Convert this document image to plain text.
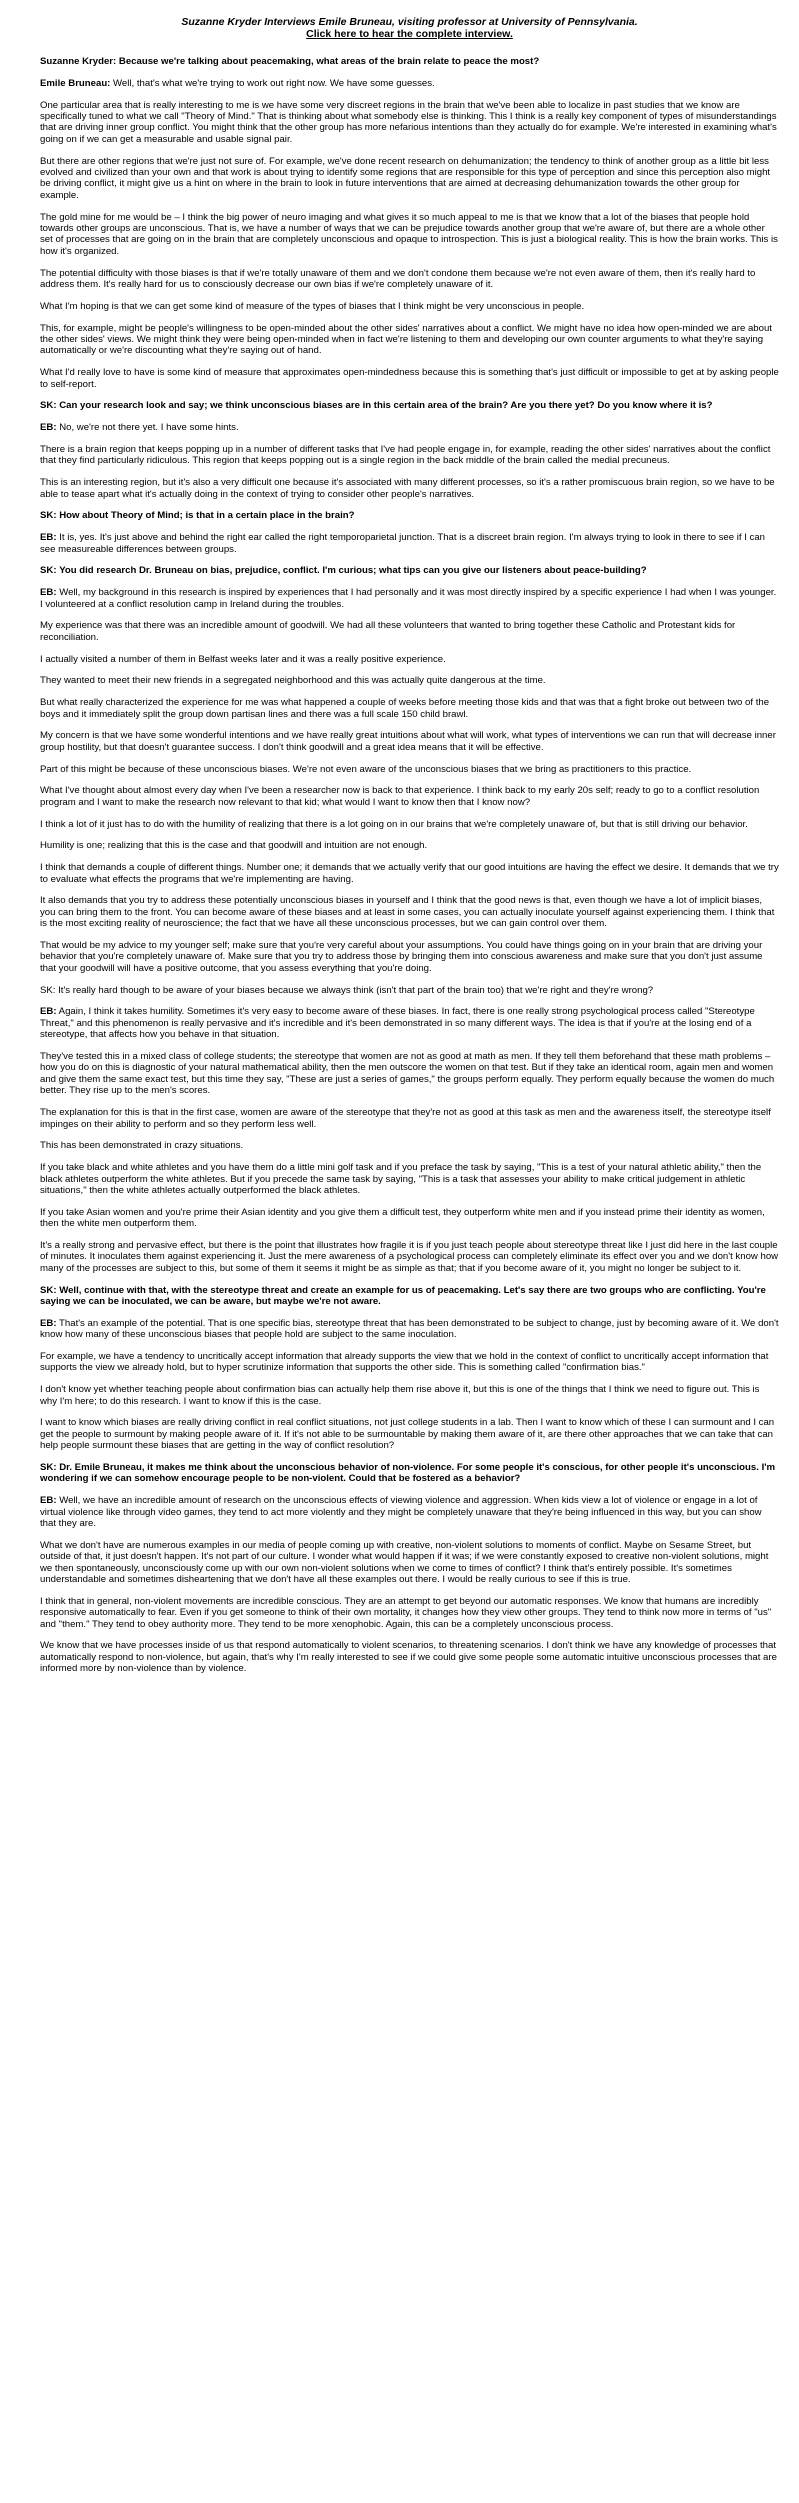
Suzanne Kryder Interviews Emile Bruneau, visiting professor at University of Pennsylvania.
Click here to hear the complete interview.

Suzanne Kryder: Because we're talking about peacemaking, what areas of the brain relate to peace the most?

Emile Bruneau: Well, that's what we're trying to work out right now. We have some guesses.

One particular area that is really interesting to me is we have some very discreet regions in the brain that we've been able to localize in past studies that we know are specifically tuned to what we call "Theory of Mind." That is thinking about what somebody else is thinking. This I think is a really key component of types of misunderstandings that are driving inner group conflict. You might think that the other group has more nefarious intentions than they actually do for example. We're interested in examining what's going on if we can get a measurable and usable signal pair.

But there are other regions that we're just not sure of. For example, we've done recent research on dehumanization; the tendency to think of another group as a little bit less evolved and civilized than your own and that work is about trying to identify some regions that are responsible for this type of perception and since this perception also might be driving conflict, it might give us a hint on where in the brain to look in future interventions that are aimed at decreasing dehumanization towards the other group for example.

The gold mine for me would be – I think the big power of neuro imaging and what gives it so much appeal to me is that we know that a lot of the biases that people hold towards other groups are unconscious. That is, we have a number of ways that we can be prejudice towards another group that we're aware of, but there are a whole other set of processes that are going on in the brain that are completely unconscious and opaque to introspection. This is just a biological reality. This is how the brain works. This is how it's organized.

The potential difficulty with those biases is that if we're totally unaware of them and we don't condone them because we're not even aware of them, then it's really hard to address them. It's really hard for us to consciously decrease our own bias if we're completely unaware of it.

What I'm hoping is that we can get some kind of measure of the types of biases that I think might be very unconscious in people.

This, for example, might be people's willingness to be open-minded about the other sides' narratives about a conflict. We might have no idea how open-minded we are about the other sides' views. We might think they were being open-minded when in fact we're listening to them and developing our own counter arguments to what they're saying automatically or we're discounting what they're saying out of hand.

What I'd really love to have is some kind of measure that approximates open-mindedness because this is something that's just difficult or impossible to get at by asking people to self-report.

SK: Can your research look and say; we think unconscious biases are in this certain area of the brain? Are you there yet? Do you know where it is?

EB: No, we're not there yet. I have some hints.

There is a brain region that keeps popping up in a number of different tasks that I've had people engage in, for example, reading the other sides' narratives about the conflict that they find particularly ridiculous. This region that keeps popping out is a single region in the back middle of the brain called the medial precuneus.

This is an interesting region, but it's also a very difficult one because it's associated with many different processes, so it's a rather promiscuous brain region, so we have to be able to tease apart what it's actually doing in the context of trying to consider other people's narratives.

SK: How about Theory of Mind; is that in a certain place in the brain?

EB: It is, yes. It's just above and behind the right ear called the right temporoparietal junction. That is a discreet brain region. I'm always trying to look in there to see if I can see measureable differences between groups.

SK: You did research Dr. Bruneau on bias, prejudice, conflict. I'm curious; what tips can you give our listeners about peace-building?

EB: Well, my background in this research is inspired by experiences that I had personally and it was most directly inspired by a specific experience I had when I was younger. I volunteered at a conflict resolution camp in Ireland during the troubles.

My experience was that there was an incredible amount of goodwill. We had all these volunteers that wanted to bring together these Catholic and Protestant kids for reconciliation.

I actually visited a number of them in Belfast weeks later and it was a really positive experience.

They wanted to meet their new friends in a segregated neighborhood and this was actually quite dangerous at the time.

But what really characterized the experience for me was what happened a couple of weeks before meeting those kids and that was that a fight broke out between two of the boys and it immediately split the group down partisan lines and there was a full scale 150 child brawl.

My concern is that we have some wonderful intentions and we have really great intuitions about what will work, what types of interventions we can run that will decrease inner group hostility, but that doesn't guarantee success. I don't think goodwill and a great idea means that it will be effective.

Part of this might be because of these unconscious biases. We're not even aware of the unconscious biases that we bring as practitioners to this practice.

What I've thought about almost every day when I've been a researcher now is back to that experience. I think back to my early 20s self; ready to go to a conflict resolution program and I want to make the research now relevant to that kid; what would I want to know then that I know now?

I think a lot of it just has to do with the humility of realizing that there is a lot going on in our brains that we're completely unaware of, but that is still driving our behavior.

Humility is one; realizing that this is the case and that goodwill and intuition are not enough.

I think that demands a couple of different things. Number one; it demands that we actually verify that our good intuitions are having the effect we desire. It demands that we try to evaluate what effects the programs that we're implementing are having.

It also demands that you try to address these potentially unconscious biases in yourself and I think that the good news is that, even though we have a lot of implicit biases, you can bring them to the front. You can become aware of these biases and at least in some cases, you can actually inoculate yourself against experiencing them. I think that is the most exciting reality of neuroscience; the fact that we have all these unconscious processes, but we can gain control over them.

That would be my advice to my younger self; make sure that you're very careful about your assumptions. You could have things going on in your brain that are driving your behavior that you're completely unaware of. Make sure that you try to address those by bringing them into conscious awareness and make sure that you don't just assume that your goodwill will have a positive outcome, that you assess everything that you're doing.

SK: It's really hard though to be aware of your biases because we always think (isn't that part of the brain too) that we're right and they're wrong?

EB: Again, I think it takes humility. Sometimes it's very easy to become aware of these biases. In fact, there is one really strong psychological process called "Stereotype Threat," and this phenomenon is really pervasive and it's incredible and it's been demonstrated in so many different ways. The idea is that if you're at the losing end of a stereotype, that affects how you behave in that situation.

They've tested this in a mixed class of college students; the stereotype that women are not as good at math as men. If they tell them beforehand that these math problems – how you do on this is diagnostic of your natural mathematical ability, then the men outscore the women on that test. But if they take an identical room, again men and women and give them the same exact test, but this time they say, "These are just a series of games," the groups perform equally. They perform equally because the women do much better. They rise up to the men's scores.

The explanation for this is that in the first case, women are aware of the stereotype that they're not as good at this task as men and the awareness itself, the stereotype itself impinges on their ability to perform and so they perform less well.

This has been demonstrated in crazy situations.

If you take black and white athletes and you have them do a little mini golf task and if you preface the task by saying, "This is a test of your natural athletic ability," then the black athletes outperform the white athletes. But if you precede the same task by saying, "This is a task that assesses your ability to make critical judgement in athletic situations," then the white athletes actually outperformed the black athletes.

If you take Asian women and you're prime their Asian identity and you give them a difficult test, they outperform white men and if you instead prime their identity as women, then the white men outperform them.

It's a really strong and pervasive effect, but there is the point that illustrates how fragile it is if you just teach people about stereotype threat like I just did here in the last couple of minutes. It inoculates them against experiencing it. Just the mere awareness of a psychological process can completely eliminate its effect over you and we don't know how many of the processes are subject to this, but some of them it seems it might be as simple as that; that if you become aware of it, you might no longer be subject to it.

SK: Well, continue with that, with the stereotype threat and create an example for us of peacemaking. Let's say there are two groups who are conflicting. You're saying we can be inoculated, we can be aware, but maybe we're not aware.

EB: That's an example of the potential. That is one specific bias, stereotype threat that has been demonstrated to be subject to change, just by becoming aware of it. We don't know how many of these unconscious biases that people hold are subject to the same inoculation.

For example, we have a tendency to uncritically accept information that already supports the view that we hold in the context of conflict to uncritically accept information that supports the view we already hold, but to hyper scrutinize information that supports the other side. This is something called "confirmation bias."

I don't know yet whether teaching people about confirmation bias can actually help them rise above it, but this is one of the things that I think we need to figure out. This is why I'm here; to do this research. I want to know if this is the case.

I want to know which biases are really driving conflict in real conflict situations, not just college students in a lab. Then I want to know which of these I can surmount and I can get the people to surmount by making people aware of it. If it's not able to be surmountable by making them aware of it, are there other approaches that we can take that can help people surmount these biases that are getting in the way of conflict resolution?

SK: Dr. Emile Bruneau, it makes me think about the unconscious behavior of non-violence. For some people it's conscious, for other people it's unconscious. I'm wondering if we can somehow encourage people to be non-violent. Could that be fostered as a behavior?

EB: Well, we have an incredible amount of research on the unconscious effects of viewing violence and aggression. When kids view a lot of violence or engage in a lot of virtual violence like through video games, they tend to act more violently and they might be completely unaware that they're being influenced in this way, but you can show that they are.

What we don't have are numerous examples in our media of people coming up with creative, non-violent solutions to moments of conflict. Maybe on Sesame Street, but outside of that, it just doesn't happen. It's not part of our culture. I wonder what would happen if it was; if we were constantly exposed to creative non-violent solutions, might we then spontaneously, unconsciously come up with our own non-violent solutions when we come to times of conflict? I think that's entirely possible. It's sometimes understandable and sometimes disheartening that we don't have all these examples out there. I would be really curious to see if this is true.

I think that in general, non-violent movements are incredible conscious. They are an attempt to get beyond our automatic responses. We know that humans are incredibly responsive automatically to fear. Even if you get someone to think of their own mortality, it changes how they view other groups. They tend to think now more in terms of "us" and "them." They tend to obey authority more. They tend to be more xenophobic. Again, this can be a completely unconscious process.

We know that we have processes inside of us that respond automatically to violent scenarios, to threatening scenarios. I don't think we have any knowledge of processes that automatically respond to non-violence, but again, that's why I'm really interested to see if we could give some people some automatic intuitive unconscious processes that are informed more by non-violence than by violence.
